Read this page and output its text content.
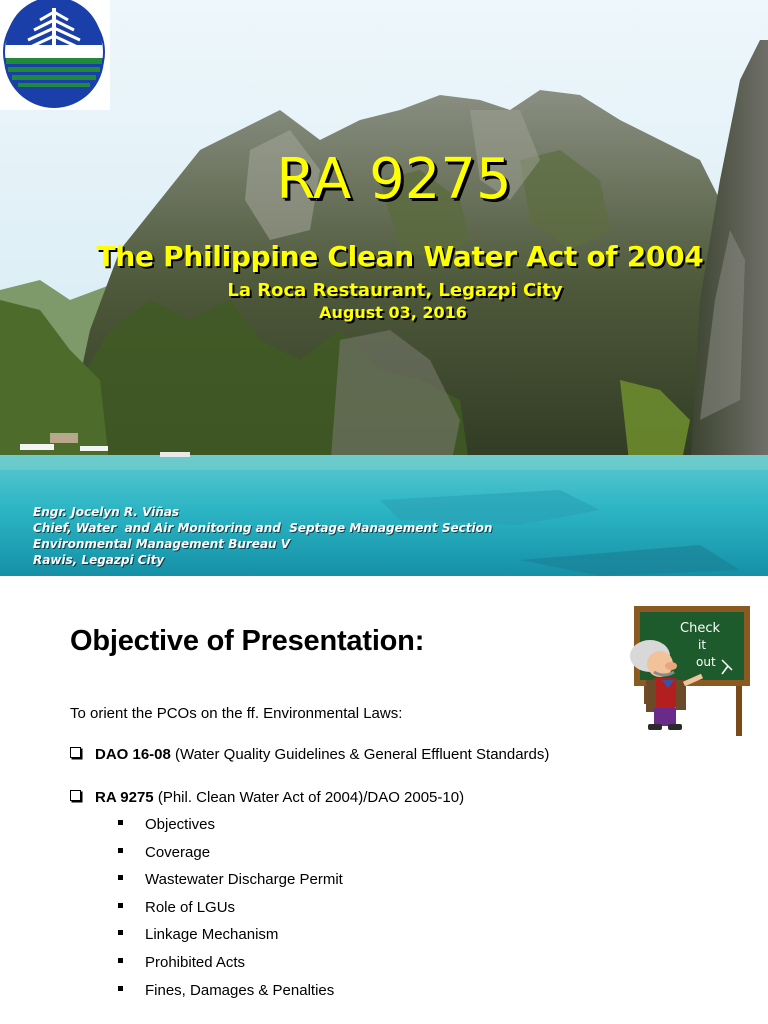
RA 9275
The Philippine Clean Water Act of 2004
La Roca Restaurant, Legazpi City
August 03, 2016
Engr. Jocelyn R. Viñas
Chief, Water  and Air Monitoring and  Septage Management Section
Environmental Management Bureau V
Rawis, Legazpi City
Objective of Presentation:
To orient the PCOs on the ff. Environmental Laws:
DAO 16-08 (Water Quality Guidelines & General Effluent Standards)
RA 9275 (Phil. Clean Water Act of 2004)/DAO 2005-10)
Objectives
Coverage
Wastewater Discharge Permit
Role of LGUs
Linkage Mechanism
Prohibited Acts
Fines, Damages & Penalties
Check
it
out
